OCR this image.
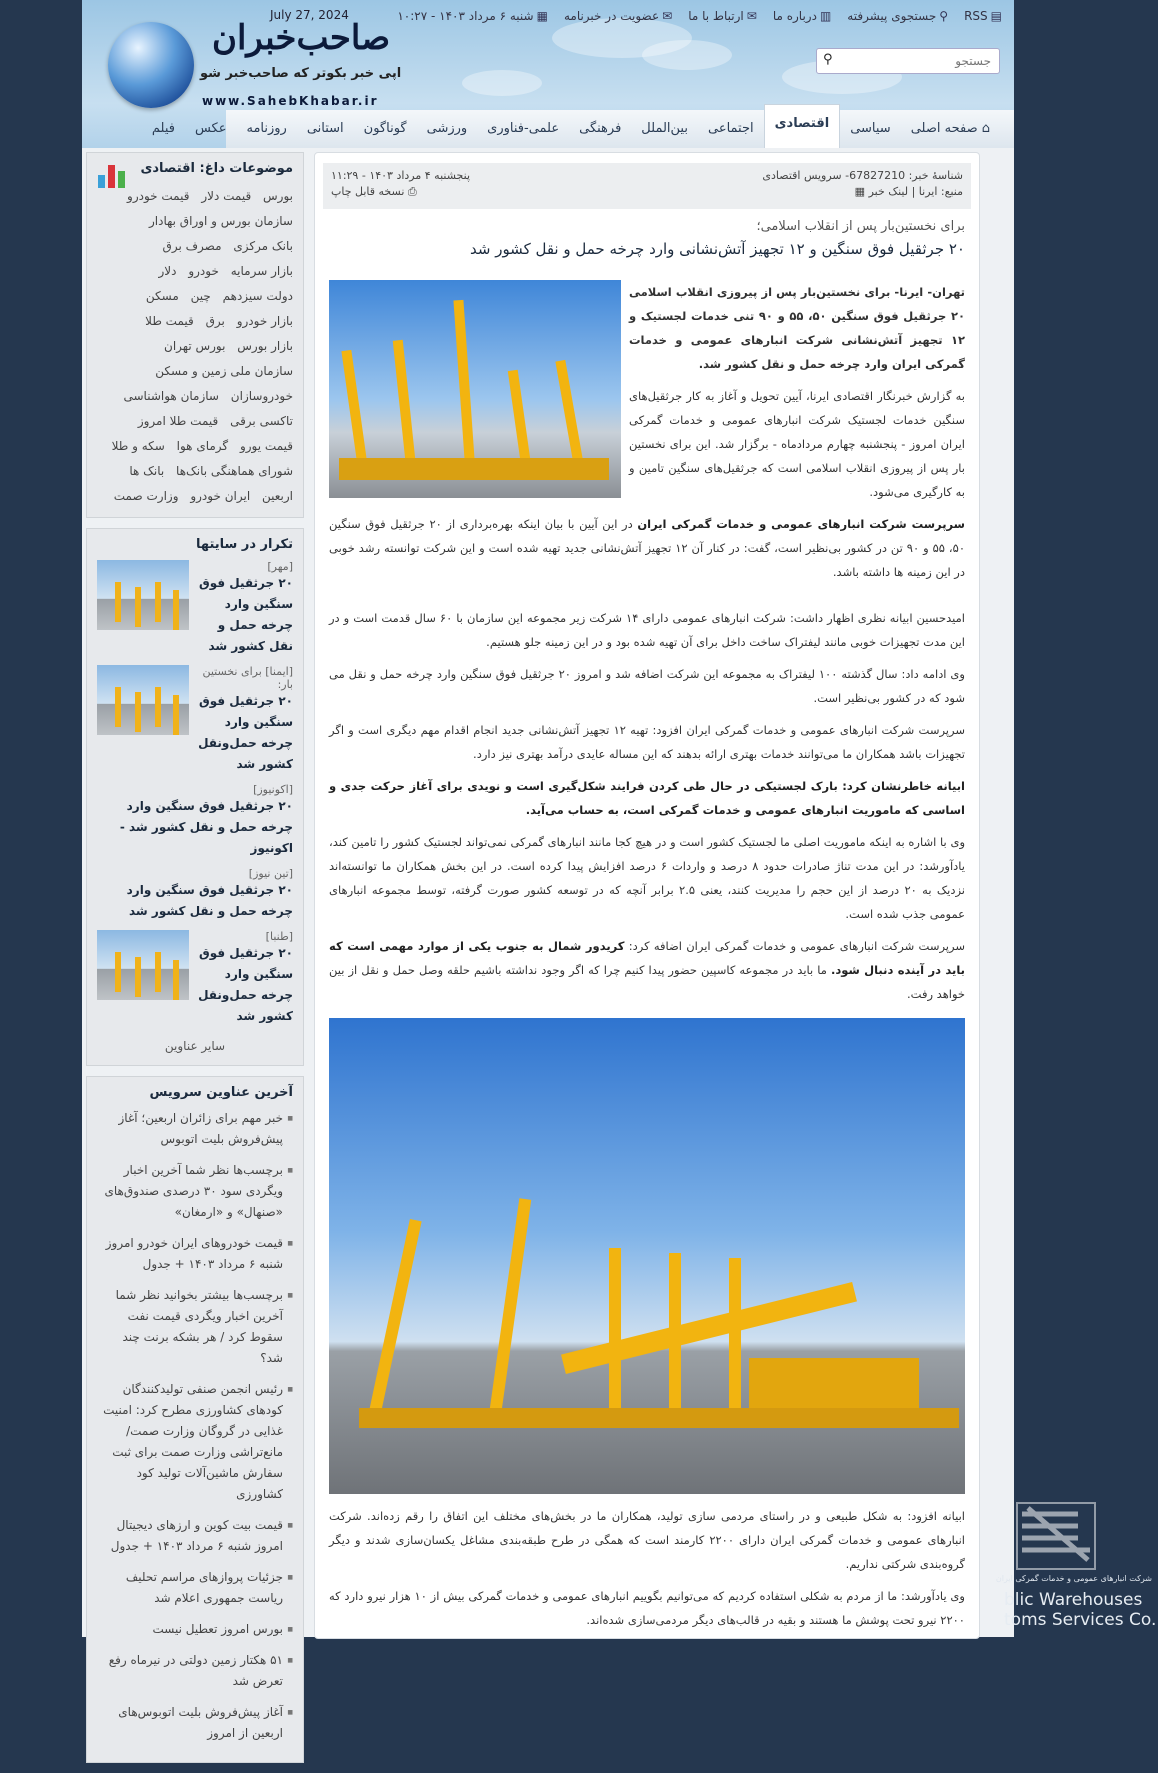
▤RSS
⚲جستجوی پیشرفته
▥درباره‌ ما
✉ارتباط با ما
✉عضویت در خبرنامه
▦شنبه ۶ مرداد ۱۴۰۳ - ۱۰:۲۷
July 27, 2024
صاحب‌خبران
اپی خبر بکوتر که صاحب‌خبر شو
www.SahebKhabar.ir
جستجو
⚲
⌂ صفحه اصلی
سیاسی
اقتصادی
اجتماعی
بین‌الملل
فرهنگی
علمی-فناوری
ورزشی
گوناگون
استانی
روزنامه
عکس
فیلم
موضوعات داغ: اقتصادی
بورس قیمت دلار قیمت خودرو سازمان بورس و اوراق بهادار بانک مرکزی مصرف برق بازار سرمایه خودرو دلار دولت سیزدهم چین مسکن بازار خودرو برق قیمت طلا بازار بورس بورس تهران سازمان ملی زمین و مسکن خودروسازان سازمان هواشناسی تاکسی برقی قیمت طلا امروز قیمت یورو گرمای هوا سکه و طلا شورای هماهنگی بانک‌ها بانک ها اربعین ایران خودرو وزارت صمت
تکرار در سایتها
[مهر]
۲۰ جرثقیل فوق سنگین وارد چرخه حمل و نقل کشور شد
[ایمنا] برای نخستین بار:
۲۰ جرثقیل فوق سنگین وارد چرخه حمل‌ونقل کشور شد
[اکونیوز]
۲۰ جرثقیل فوق سنگین وارد چرخه حمل و نقل کشور شد - اکونیوز
[تین نیوز]
۲۰ جرثقیل فوق سنگین وارد چرخه حمل و نقل کشور شد
[طنبا]
۲۰ جرثقیل فوق سنگین وارد چرخه حمل‌ونقل کشور شد
سایر عناوین
آخرین عناوین سرویس
■ خبر مهم برای زائران اربعین؛ آغاز پیش‌فروش بلیت اتوبوس
■ برچسب‌ها نظر شما آخرین اخبار ویگردی سود ۳۰ درصدی صندوق‌های «صنهال» و «ارمغان»
■ قیمت خودروهای ایران خودرو امروز شنبه ۶ مرداد ۱۴۰۳ + جدول
■ برچسب‌ها بیشتر بخوانید نظر شما آخرین اخبار ویگردی قیمت نفت سقوط کرد / هر بشکه برنت چند شد؟
■ رئیس انجمن صنفی تولیدکنندگان کودهای کشاورزی مطرح کرد: امنیت غذایی در گروگان وزارت صمت/ مانع‌تراشی وزارت صمت برای ثبت سفارش ماشین‌آلات تولید کود کشاورزی
■ قیمت بیت کوین و ارزهای دیجیتال امروز شنبه ۶ مرداد ۱۴۰۳ + جدول
■ جزئیات پروازهای مراسم تحلیف ریاست جمهوری اعلام شد
■ بورس امروز تعطیل نیست
■ ۵۱ هکتار زمین دولتی در نیرماه رفع تعرض شد
■ آغاز پیش‌فروش بلیت اتوبوس‌های اربعین از امروز
شناسهٔ خبر: 67827210- سرویس اقتصادی
منبع: ایرنا | لینک خبر ▦
پنجشنبه ۴ مرداد ۱۴۰۳ - ۱۱:۲۹
⎙ نسخه قابل چاپ
برای نخستین‌بار پس از انقلاب اسلامی؛
۲۰ جرثقیل فوق سنگین و ۱۲ تجهیز آتش‌نشانی وارد چرخه حمل و نقل کشور شد

تهران- ایرنا- برای نخستین‌بار پس از پیروزی انقلاب اسلامی ۲۰ جرثقیل فوق سنگین ۵۰، ۵۵ و ۹۰ تنی خدمات لجستیک و ۱۲ تجهیز آتش‌نشانی شرکت انبارهای عمومی و خدمات گمرکی ایران وارد چرخه حمل و نقل کشور شد.

به گزارش خبرنگار اقتصادی ایرنا، آیین تحویل و آغاز به کار جرثقیل‌های سنگین خدمات لجستیک شرکت انبارهای عمومی و خدمات گمرکی ایران امروز - پنجشنبه چهارم مردادماه - برگزار شد. این برای نخستین بار پس از پیروزی انقلاب اسلامی است که جرثقیل‌های سنگین تامین و به کارگیری می‌شود.

سرپرست شرکت انبارهای عمومی و خدمات گمرکی ایران در این آیین با بیان اینکه بهره‌برداری از ۲۰ جرثقیل فوق سنگین ۵۰، ۵۵ و ۹۰ تن در کشور بی‌نظیر است، گفت: در کنار آن ۱۲ تجهیز آتش‌نشانی جدید تهیه شده است و این شرکت توانسته رشد خوبی در این زمینه ها داشته باشد.

امیدحسین ابیانه نظری اظهار داشت: شرکت انبارهای عمومی دارای ۱۴ شرکت زیر مجموعه این سازمان با ۶۰ سال قدمت است و در این مدت تجهیزات خوبی مانند لیفتراک ساخت داخل برای آن تهیه شده بود و در این زمینه جلو هستیم.

وی ادامه داد: سال گذشته ۱۰۰ لیفتراک به مجموعه این شرکت اضافه شد و امروز ۲۰ جرثقیل فوق سنگین وارد چرخه حمل و نقل می شود که در کشور بی‌نظیر است.

سرپرست شرکت انبارهای عمومی و خدمات گمرکی ایران افزود: تهیه ۱۲ تجهیز آتش‌نشانی جدید انجام اقدام مهم دیگری است و اگر تجهیزات باشد همکاران ما می‌توانند خدمات بهتری ارائه بدهند که این مساله عایدی درآمد بهتری نیز دارد.

ابیانه خاطرنشان کرد: بارک لجستیکی در حال طی کردن فرایند شکل‌گیری است و نویدی برای آغاز حرکت جدی و اساسی که ماموریت انبارهای عمومی و خدمات گمرکی است، به حساب می‌آید.

وی با اشاره به اینکه ماموریت اصلی ما لجستیک کشور است و در هیچ کجا مانند انبارهای گمرکی نمی‌تواند لجستیک کشور را تامین کند، یادآورشد: در این مدت تناژ صادرات حدود ۸ درصد و واردات ۶ درصد افزایش پیدا کرده است. در این بخش همکاران ما توانسته‌اند نزدیک به ۲۰ درصد از این حجم را مدیریت کنند، یعنی ۲.۵ برابر آنچه که در توسعه کشور صورت گرفته، توسط مجموعه انبارهای عمومی جذب شده است.

سرپرست شرکت انبارهای عمومی و خدمات گمرکی ایران اضافه کرد: کریدور شمال به جنوب یکی از موارد مهمی است که باید در آینده دنبال شود. ما باید در مجموعه کاسپین حضور پیدا کنیم چرا که اگر وجود نداشته باشیم حلقه وصل حمل و نقل از بین خواهد رفت.

ابیانه افزود: به شکل طبیعی و در راستای مردمی سازی تولید، همکاران ما در بخش‌های مختلف این اتفاق را رقم زده‌اند. شرکت انبارهای عمومی و خدمات گمرکی ایران دارای ۲۲۰۰ کارمند است که همگی در طرح طبقه‌بندی مشاغل یکسان‌سازی شدند و دیگر گروه‌بندی شرکتی نداریم.

وی یادآورشد: ما از مردم به شکلی استفاده کردیم که می‌توانیم بگوییم انبارهای عمومی و خدمات گمرکی بیش از ۱۰ هزار نیرو دارد که ۲۲۰۰ نیرو تحت پوشش ما هستند و بقیه در قالب‌های دیگر مردمی‌سازی شده‌اند.

شرکت انبارهای عمومی و خدمات گمرکی ایران
blic Warehouses
toms Services Co.
